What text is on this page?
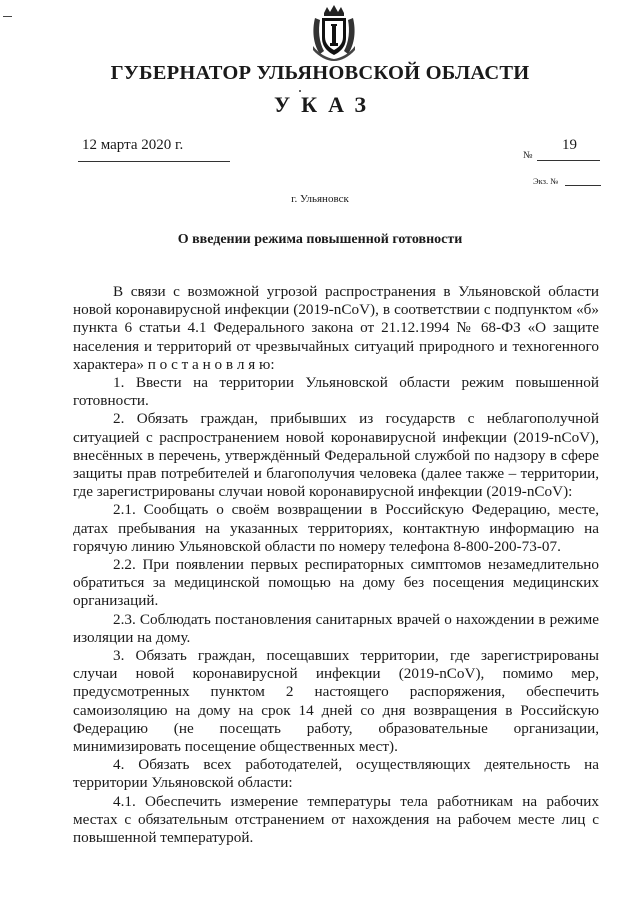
ГУБЕРНАТОР УЛЬЯНОВСКОЙ ОБЛАСТИ
УКАЗ
12 марта 2020 г.
№
19
Экз. №
г. Ульяновск
О введении режима повышенной готовности

В связи с возможной угрозой распространения в Ульяновской области новой коронавирусной инфекции (2019-nCoV), в соответствии с подпунктом «б» пункта 6 статьи 4.1 Федерального закона от 21.12.1994 № 68-ФЗ «О защите населения и территорий от чрезвычайных ситуаций природного и техногенного характера» п о с т а н о в л я ю:

1. Ввести на территории Ульяновской области режим повышенной готовности.

2. Обязать граждан, прибывших из государств с неблагополучной ситуацией с распространением новой коронавирусной инфекции (2019-nCoV), внесённых в перечень, утверждённый Федеральной службой по надзору в сфере защиты прав потребителей и благополучия человека (далее также – территории, где зарегистрированы случаи новой коронавирусной инфекции (2019-nCoV):

2.1. Сообщать о своём возвращении в Российскую Федерацию, месте, датах пребывания на указанных территориях, контактную информацию на горячую линию Ульяновской области по номеру телефона 8-800-200-73-07.

2.2. При появлении первых респираторных симптомов незамедлительно обратиться за медицинской помощью на дому без посещения медицинских организаций.

2.3. Соблюдать постановления санитарных врачей о нахождении в режиме изоляции на дому.

3. Обязать граждан, посещавших территории, где зарегистрированы случаи новой коронавирусной инфекции (2019-nCoV), помимо мер, предусмотренных пунктом 2 настоящего распоряжения, обеспечить самоизоляцию на дому на срок 14 дней со дня возвращения в Российскую Федерацию (не посещать работу, образовательные организации, минимизировать посещение общественных мест).

4. Обязать всех работодателей, осуществляющих деятельность на территории Ульяновской области:

4.1. Обеспечить измерение температуры тела работникам на рабочих местах с обязательным отстранением от нахождения на рабочем месте лиц с повышенной температурой.
